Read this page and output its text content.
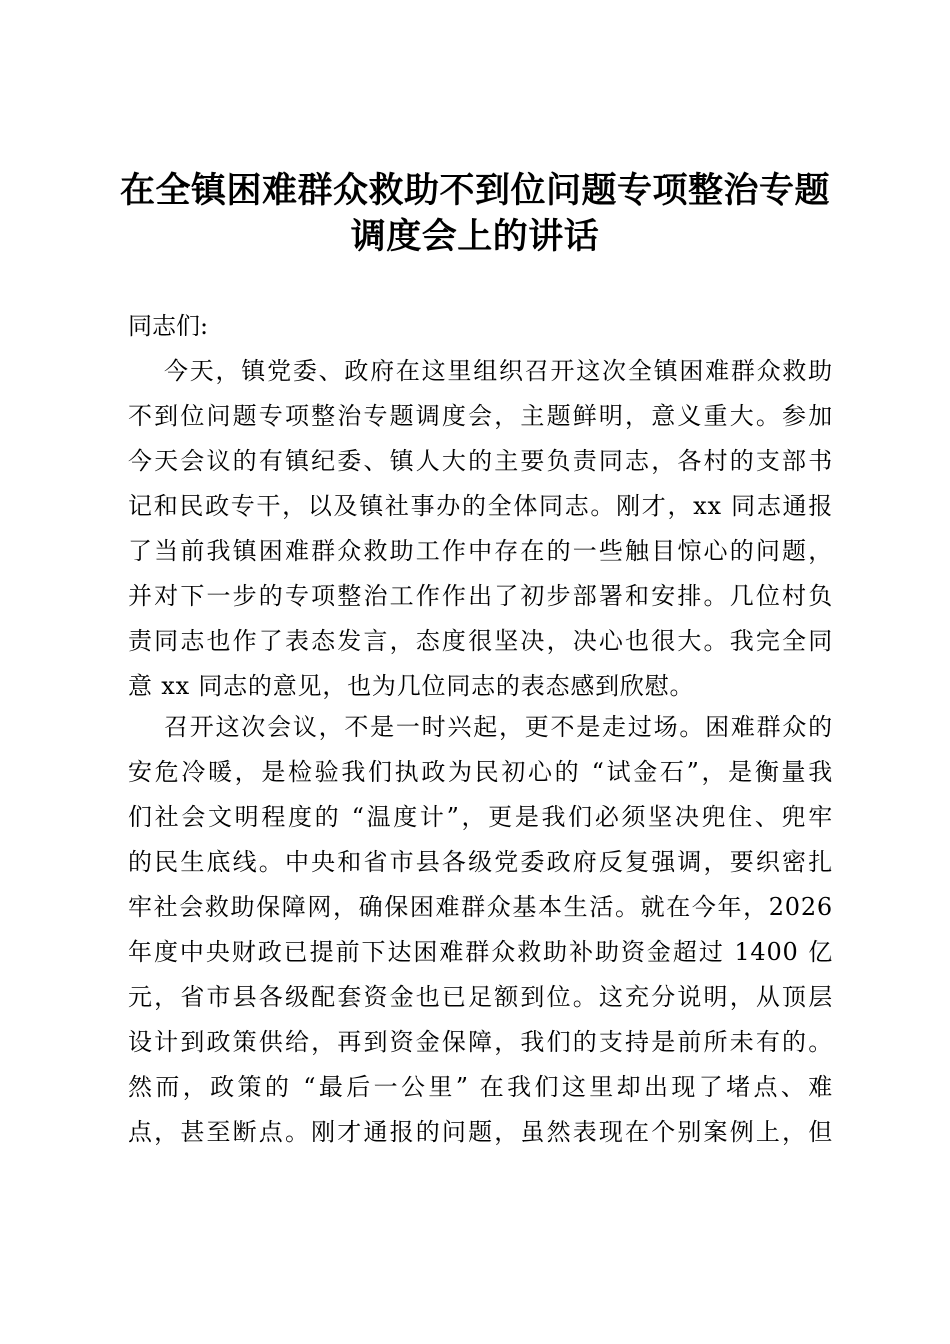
在全镇困难群众救助不到位问题专项整治专题
调度会上的讲话
同志们:
今天，镇党委、政府在这里组织召开这次全镇困难群众救助
不到位问题专项整治专题调度会，主题鲜明，意义重大。参加
今天会议的有镇纪委、镇人大的主要负责同志，各村的支部书
记和民政专干，以及镇社事办的全体同志。刚才，xx 同志通报
了当前我镇困难群众救助工作中存在的一些触目惊心的问题，
并对下一步的专项整治工作作出了初步部署和安排。几位村负
责同志也作了表态发言，态度很坚决，决心也很大。我完全同
意 xx 同志的意见，也为几位同志的表态感到欣慰。
召开这次会议，不是一时兴起，更不是走过场。困难群众的
安危冷暖，是检验我们执政为民初心的 “试金石”，是衡量我
们社会文明程度的 “温度计”，更是我们必须坚决兜住、兜牢
的民生底线。中央和省市县各级党委政府反复强调，要织密扎
牢社会救助保障网，确保困难群众基本生活。就在今年，2026
年度中央财政已提前下达困难群众救助补助资金超过 1400 亿
元，省市县各级配套资金也已足额到位。这充分说明，从顶层
设计到政策供给，再到资金保障，我们的支持是前所未有的。
然而，政策的 “最后一公里” 在我们这里却出现了堵点、难
点，甚至断点。刚才通报的问题，虽然表现在个别案例上，但
